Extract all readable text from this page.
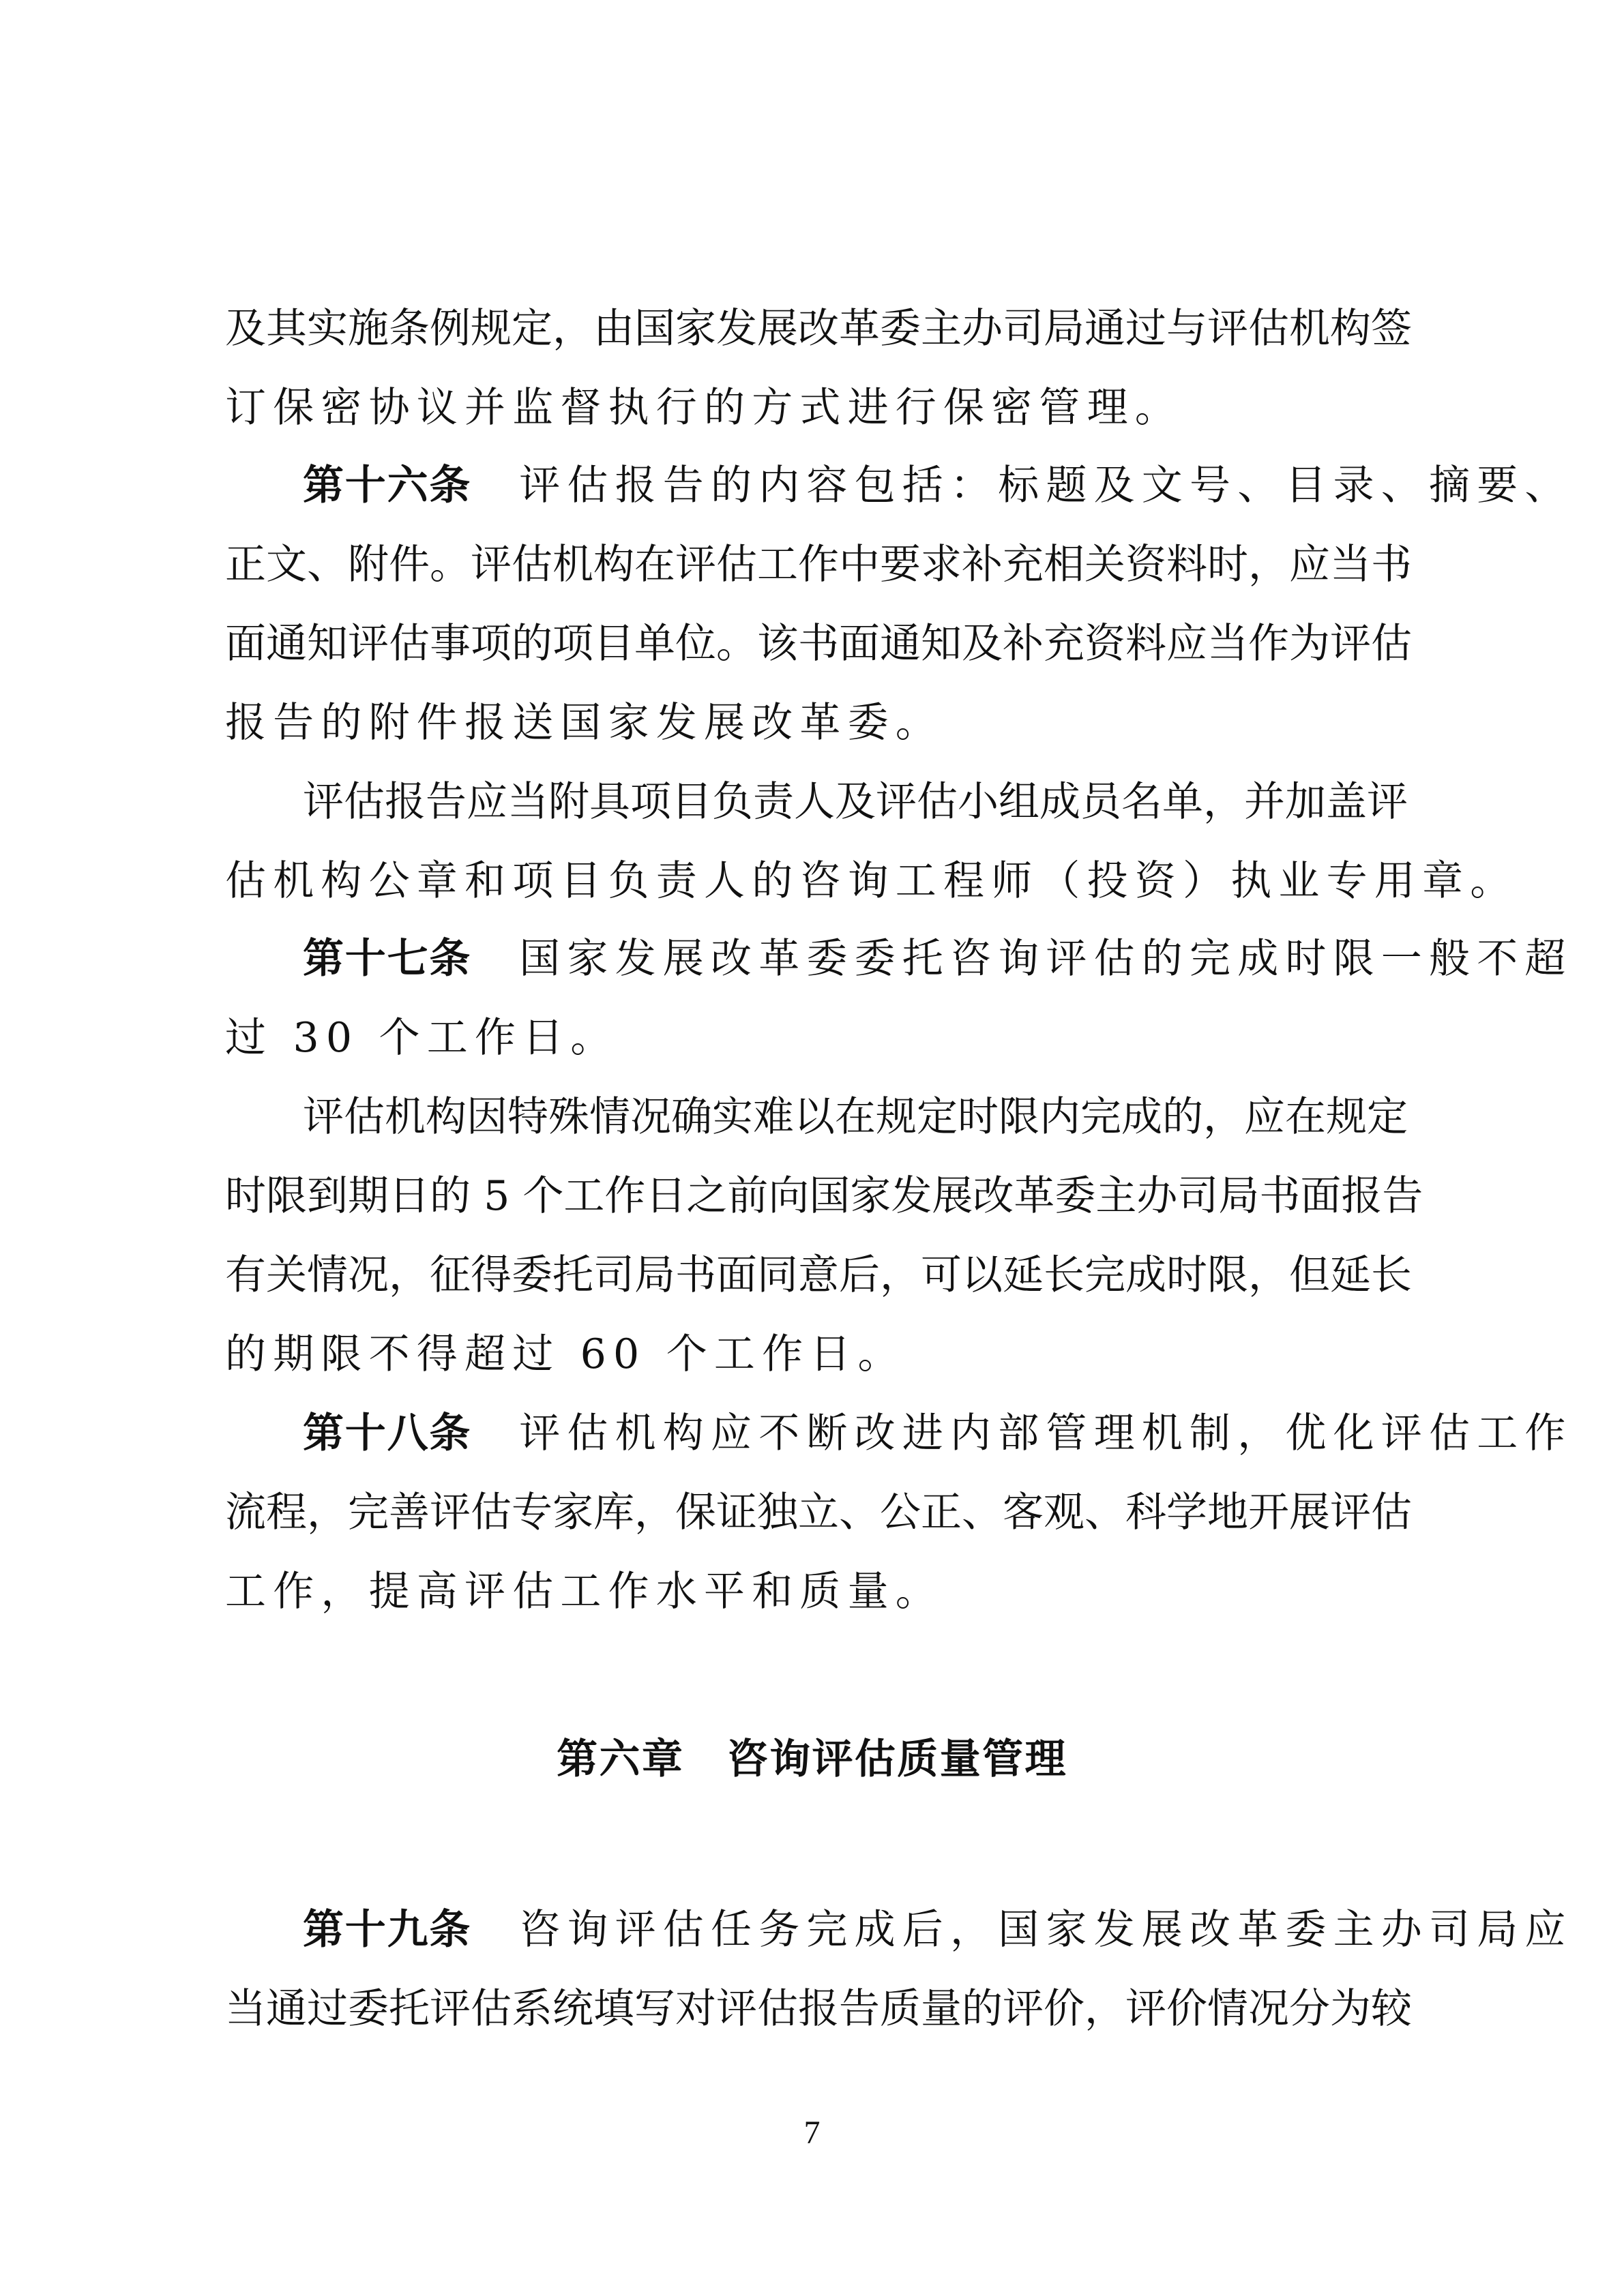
及其实施条例规定，由国家发展改革委主办司局通过与评估机构签
订保密协议并监督执行的方式进行保密管理。
第十六条 评估报告的内容包括：标题及文号、目录、摘要、
正文、附件。评估机构在评估工作中要求补充相关资料时，应当书
面通知评估事项的项目单位。该书面通知及补充资料应当作为评估
报告的附件报送国家发展改革委。
评估报告应当附具项目负责人及评估小组成员名单，并加盖评
估机构公章和项目负责人的咨询工程师（投资）执业专用章。
第十七条 国家发展改革委委托咨询评估的完成时限一般不超
过 30 个工作日。
评估机构因特殊情况确实难以在规定时限内完成的，应在规定
时限到期日的 5 个工作日之前向国家发展改革委主办司局书面报告
有关情况，征得委托司局书面同意后，可以延长完成时限，但延长
的期限不得超过 60 个工作日。
第十八条 评估机构应不断改进内部管理机制，优化评估工作
流程，完善评估专家库，保证独立、公正、客观、科学地开展评估
工作，提高评估工作水平和质量。
第六章　咨询评估质量管理
第十九条 咨询评估任务完成后，国家发展改革委主办司局应
当通过委托评估系统填写对评估报告质量的评价，评价情况分为较
7
